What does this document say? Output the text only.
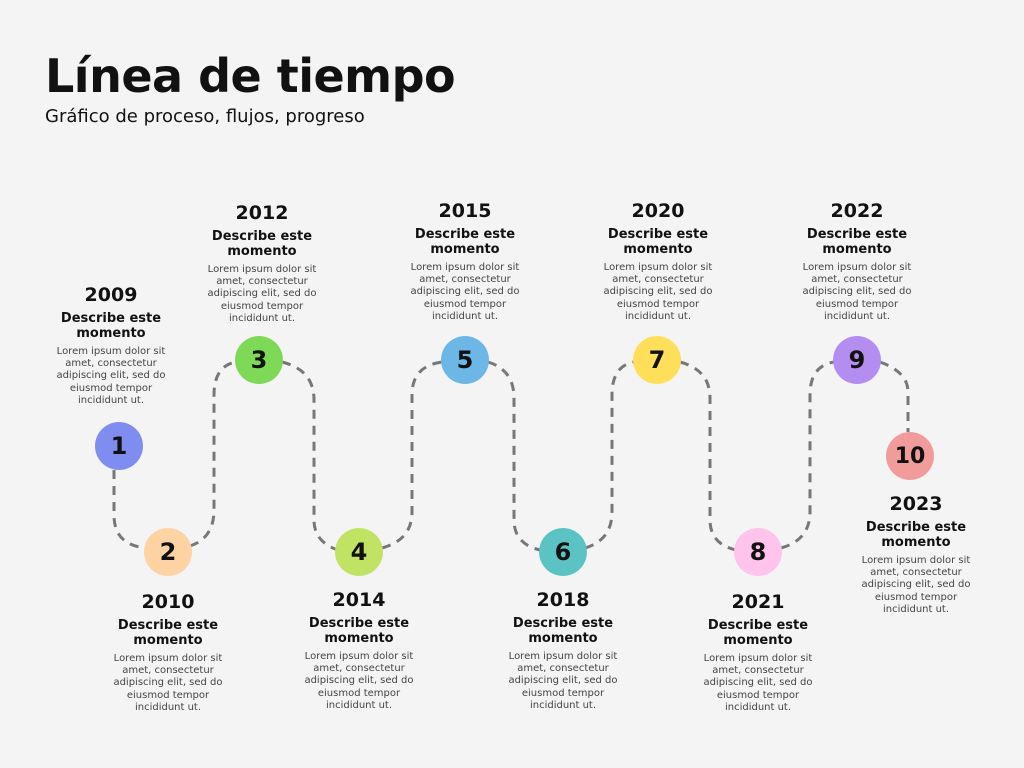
Línea de tiempo
Gráfico de proceso, flujos, progreso
1
2
3
4
5
6
7
8
9
10
2009
Describe este momento
Lorem ipsum dolor sit amet, consectetur adipiscing elit, sed do eiusmod tempor incididunt ut.
2010
Describe este momento
Lorem ipsum dolor sit amet, consectetur adipiscing elit, sed do eiusmod tempor incididunt ut.
2012
Describe este momento
Lorem ipsum dolor sit amet, consectetur adipiscing elit, sed do eiusmod tempor incididunt ut.
2014
Describe este momento
Lorem ipsum dolor sit amet, consectetur adipiscing elit, sed do eiusmod tempor incididunt ut.
2015
Describe este momento
Lorem ipsum dolor sit amet, consectetur adipiscing elit, sed do eiusmod tempor incididunt ut.
2018
Describe este momento
Lorem ipsum dolor sit amet, consectetur adipiscing elit, sed do eiusmod tempor incididunt ut.
2020
Describe este momento
Lorem ipsum dolor sit amet, consectetur adipiscing elit, sed do eiusmod tempor incididunt ut.
2021
Describe este momento
Lorem ipsum dolor sit amet, consectetur adipiscing elit, sed do eiusmod tempor incididunt ut.
2022
Describe este momento
Lorem ipsum dolor sit amet, consectetur adipiscing elit, sed do eiusmod tempor incididunt ut.
2023
Describe este momento
Lorem ipsum dolor sit amet, consectetur adipiscing elit, sed do eiusmod tempor incididunt ut.
